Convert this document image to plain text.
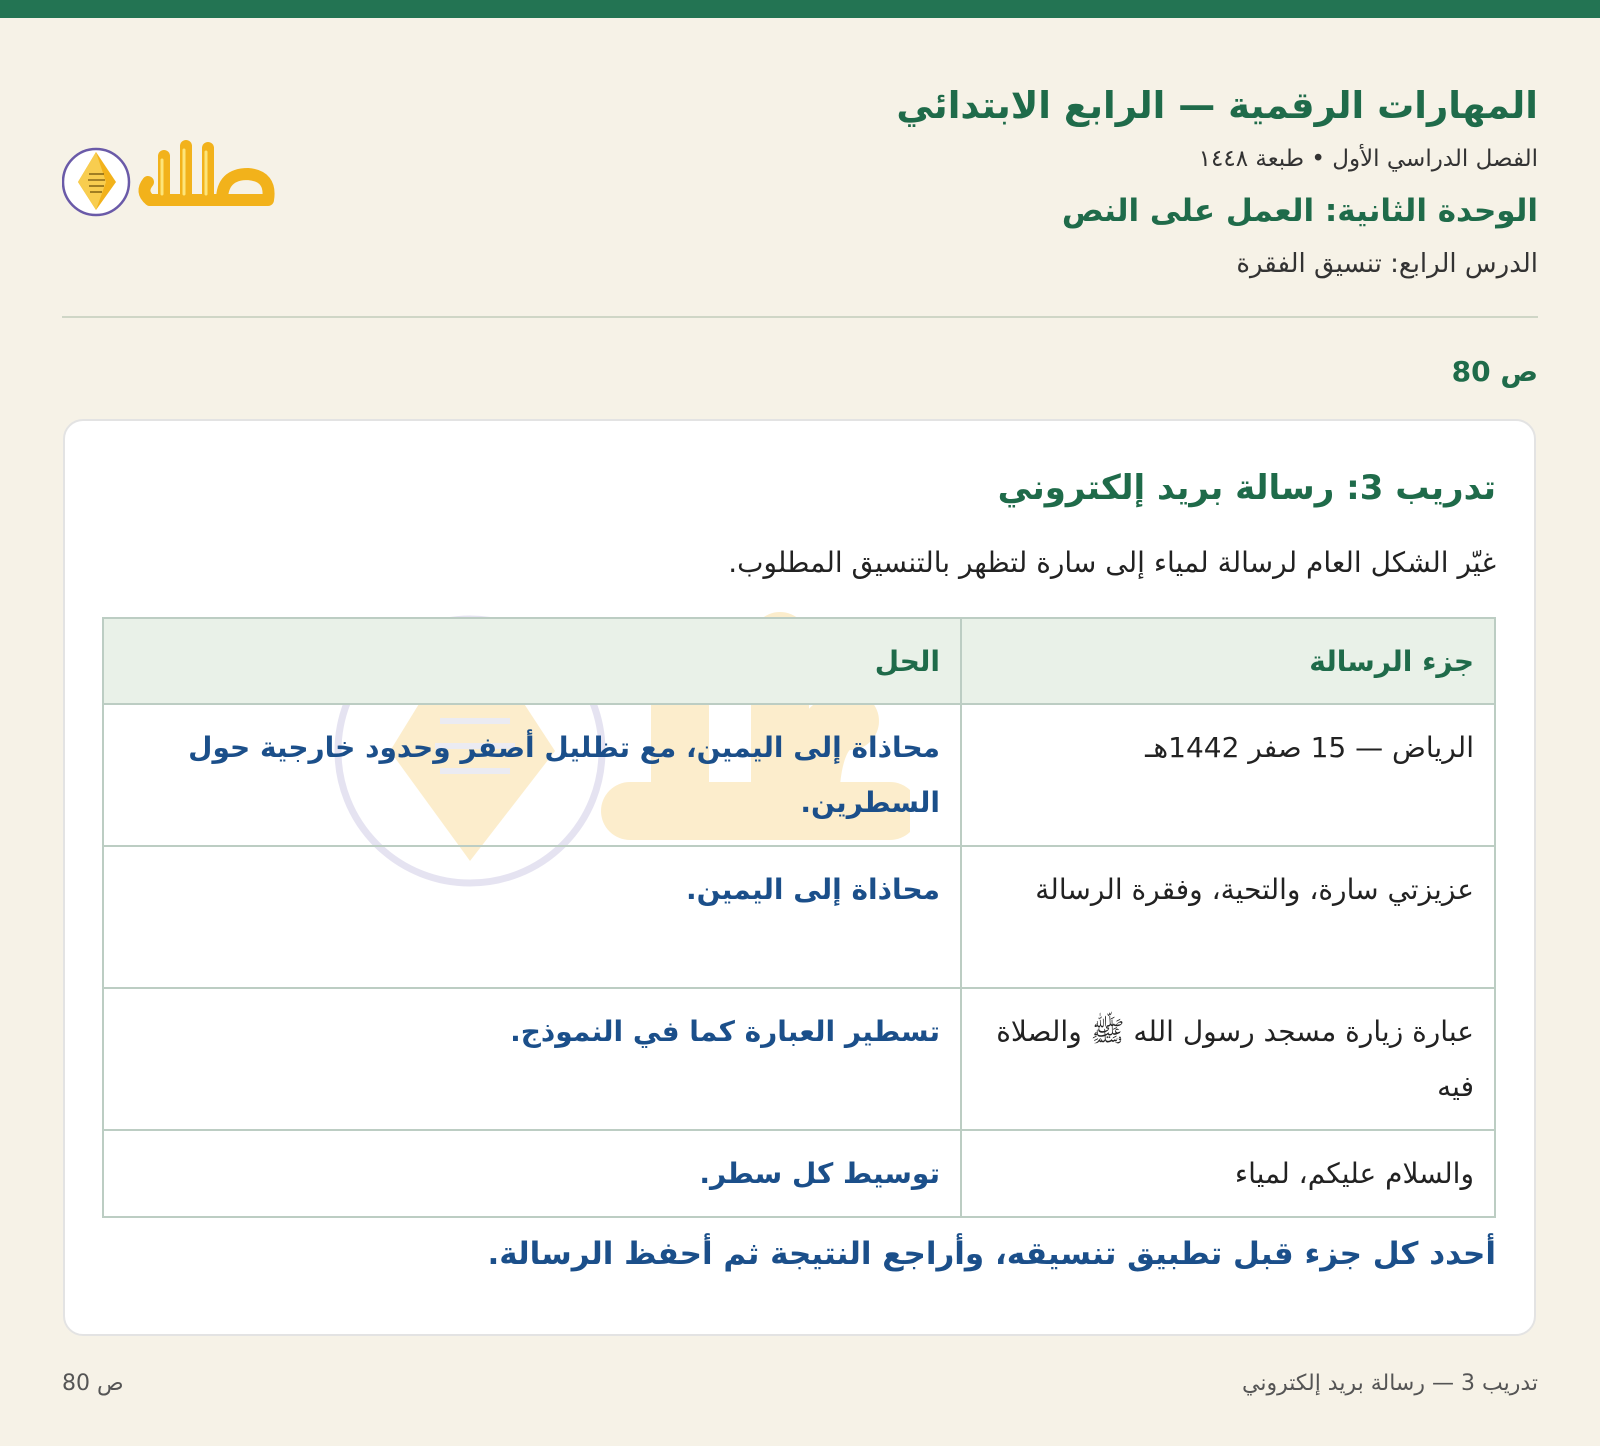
المهارات الرقمية — الرابع الابتدائي
الفصل الدراسي الأول • طبعة ١٤٤٨
الوحدة الثانية: العمل على النص
الدرس الرابع: تنسيق الفقرة
ص 80
تدريب 3: رسالة بريد إلكتروني
غيّر الشكل العام لرسالة لمياء إلى سارة لتظهر بالتنسيق المطلوب.
جزء الرسالة	الحل
الرياض — 15 صفر 1442هـ	محاذاة إلى اليمين، مع تظليل أصفر وحدود خارجية حول السطرين.
عزيزتي سارة، والتحية، وفقرة الرسالة	محاذاة إلى اليمين.
عبارة زيارة مسجد رسول الله ﷺ والصلاة فيه	تسطير العبارة كما في النموذج.
والسلام عليكم، لمياء	توسيط كل سطر.
أحدد كل جزء قبل تطبيق تنسيقه، وأراجع النتيجة ثم أحفظ الرسالة.
تدريب 3 — رسالة بريد إلكتروني
ص 80
